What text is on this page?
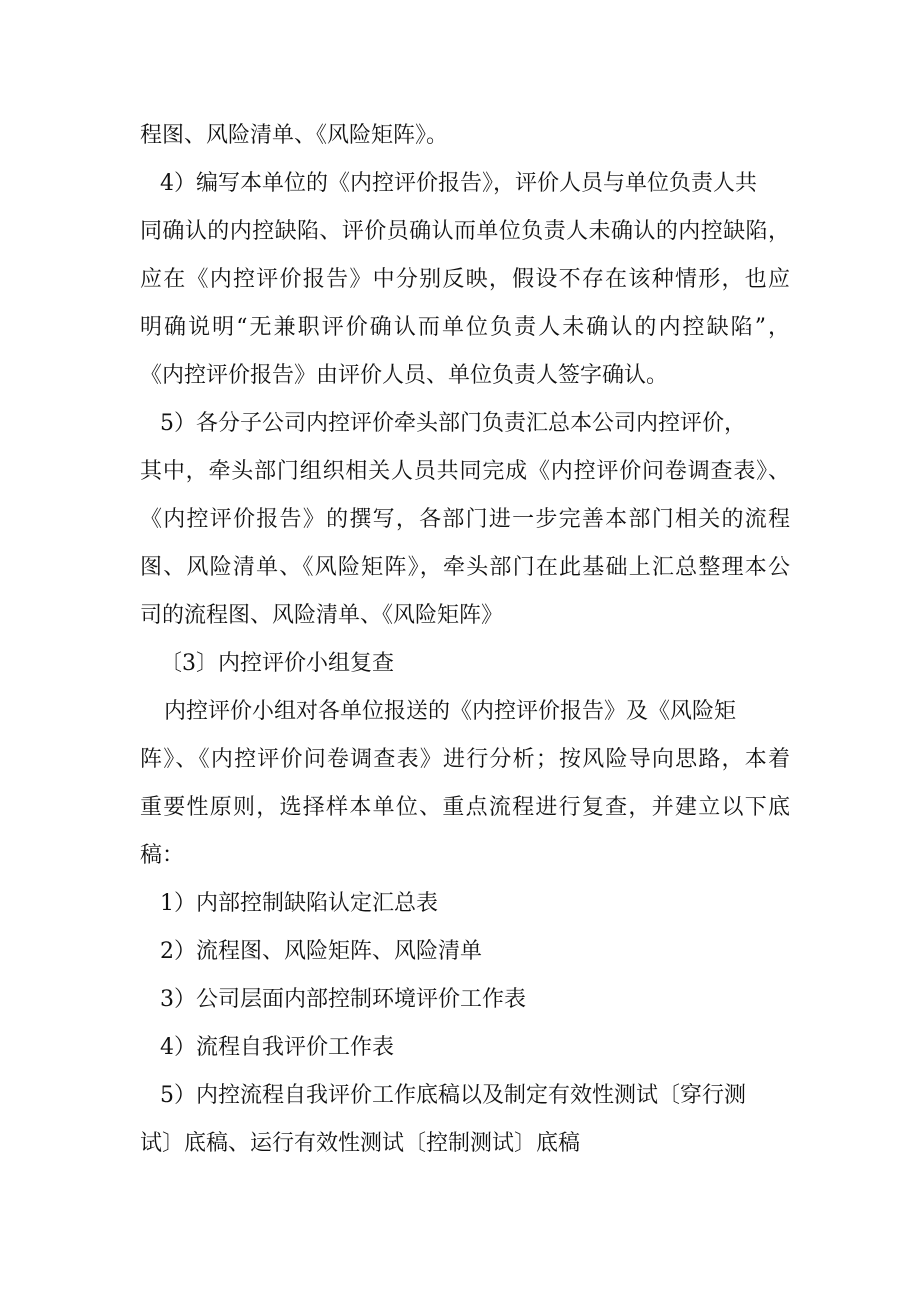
程图、风险清单、《风险矩阵》。
4）编写本单位的《内控评价报告》，评价人员与单位负责人共
同确认的内控缺陷、评价员确认而单位负责人未确认的内控缺陷，
应在《内控评价报告》中分别反映，假设不存在该种情形，也应
明确说明“无兼职评价确认而单位负责人未确认的内控缺陷”，
《内控评价报告》由评价人员、单位负责人签字确认。
5）各分子公司内控评价牵头部门负责汇总本公司内控评价，
其中，牵头部门组织相关人员共同完成《内控评价问卷调查表》、
《内控评价报告》的撰写，各部门进一步完善本部门相关的流程
图、风险清单、《风险矩阵》，牵头部门在此基础上汇总整理本公
司的流程图、风险清单、《风险矩阵》
〔3〕内控评价小组复查
内控评价小组对各单位报送的《内控评价报告》及《风险矩
阵》、《内控评价问卷调查表》进行分析；按风险导向思路，本着
重要性原则，选择样本单位、重点流程进行复查，并建立以下底
稿：
1）内部控制缺陷认定汇总表
2）流程图、风险矩阵、风险清单
3）公司层面内部控制环境评价工作表
4）流程自我评价工作表
5）内控流程自我评价工作底稿以及制定有效性测试〔穿行测
试〕底稿、运行有效性测试〔控制测试〕底稿
